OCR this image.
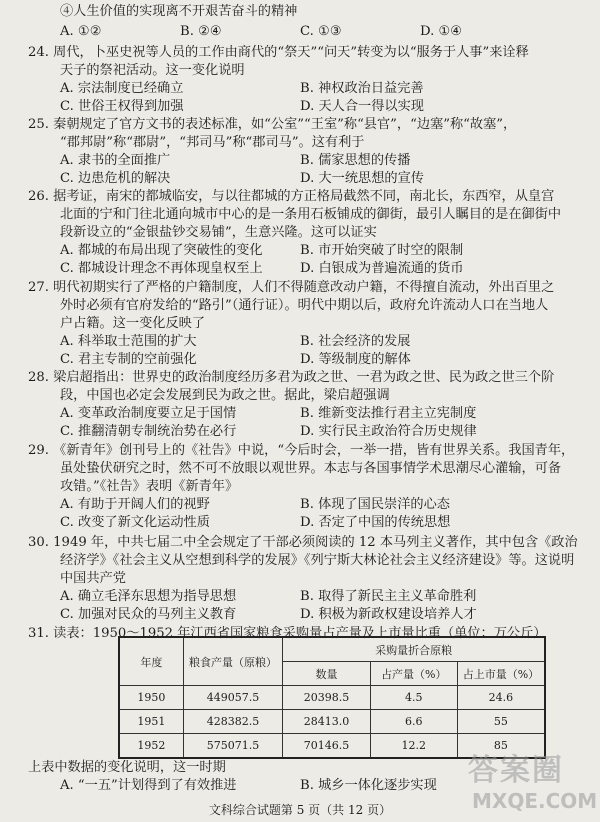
④人生价值的实现离不开艰苦奋斗的精神
A. ①②	B. ②④	C. ①③	D. ①④
24. 周代，卜巫史祝等人员的工作由商代的“祭天”“问天”转变为以“服务于人事”来诠释
天子的祭祀活动。这一变化说明
A. 宗法制度已经确立	B. 神权政治日益完善
C. 世俗王权得到加强	D. 天人合一得以实现
25. 秦朝规定了官方文书的表述标准，如“公室”“王室”称“县官”，“边塞”称“故塞”，
“郡邦尉”称“郡尉”，“邦司马”称“郡司马”。这有利于
A. 隶书的全面推广	B. 儒家思想的传播
C. 边患危机的解决	D. 大一统思想的宣传
26. 据考证，南宋的都城临安，与以往都城的方正格局截然不同，南北长，东西窄，从皇宫
北面的宁和门往北通向城市中心的是一条用石板铺成的御街，最引人瞩目的是在御街中
段新设立的“金银盐钞交易铺”，生意兴隆。这可以证实
A. 都城的布局出现了突破性的变化	B. 市开始突破了时空的限制
C. 都城设计理念不再体现皇权至上	D. 白银成为普遍流通的货币
27. 明代初期实行了严格的户籍制度，人们不得随意改动户籍，不得擅自流动，外出百里之
外时必须有官府发给的“路引”（通行证）。明代中期以后，政府允许流动人口在当地人
户占籍。这一变化反映了
A. 科举取士范围的扩大	B. 社会经济的发展
C. 君主专制的空前强化	D. 等级制度的解体
28. 梁启超指出：世界史的政治制度经历多君为政之世、一君为政之世、民为政之世三个阶
段，中国也必定会发展到民为政之世。据此，梁启超强调
A. 变革政治制度要立足于国情	B. 维新变法推行君主立宪制度
C. 推翻清朝专制统治势在必行	D. 实行民主政治符合历史规律
29. 《新青年》创刊号上的《社告》中说，“今后时会，一举一措，皆有世界关系。我国青年，
虽处蛰伏研究之时，然不可不放眼以观世界。本志与各国事情学术思潮尽心灌输，可备
攻错。”《社告》表明《新青年》
A. 有助于开阔人们的视野	B. 体现了国民崇洋的心态
C. 改变了新文化运动性质	D. 否定了中国的传统思想
30. 1949 年，中共七届二中全会规定了干部必须阅读的 12 本马列主义著作，其中包含《政治
经济学》《社会主义从空想到科学的发展》《列宁斯大林论社会主义经济建设》等。这说明
中国共产党
A. 确立毛泽东思想为指导思想	B. 取得了新民主主义革命胜利
C. 加强对民众的马列主义教育	D. 积极为新政权建设培养人才
31. 读表：1950～1952 年江西省国家粮食采购量占产量及上市量比重（单位：万公斤）
年度	粮食产量（原粮）	采购量折合原粮		
		数量	占产量（%）	占上市量（%）
1950	449057.5	20398.5	4.5	24.6
1951	428382.5	28413.0	6.6	55
1952	575071.5	70146.5	12.2	85
上表中数据的变化说明，这一时期
A. “一五”计划得到了有效推进	B. 城乡一体化逐步实现
文科综合试题第 5 页（共 12 页）
答案圈
MXQE.COM
